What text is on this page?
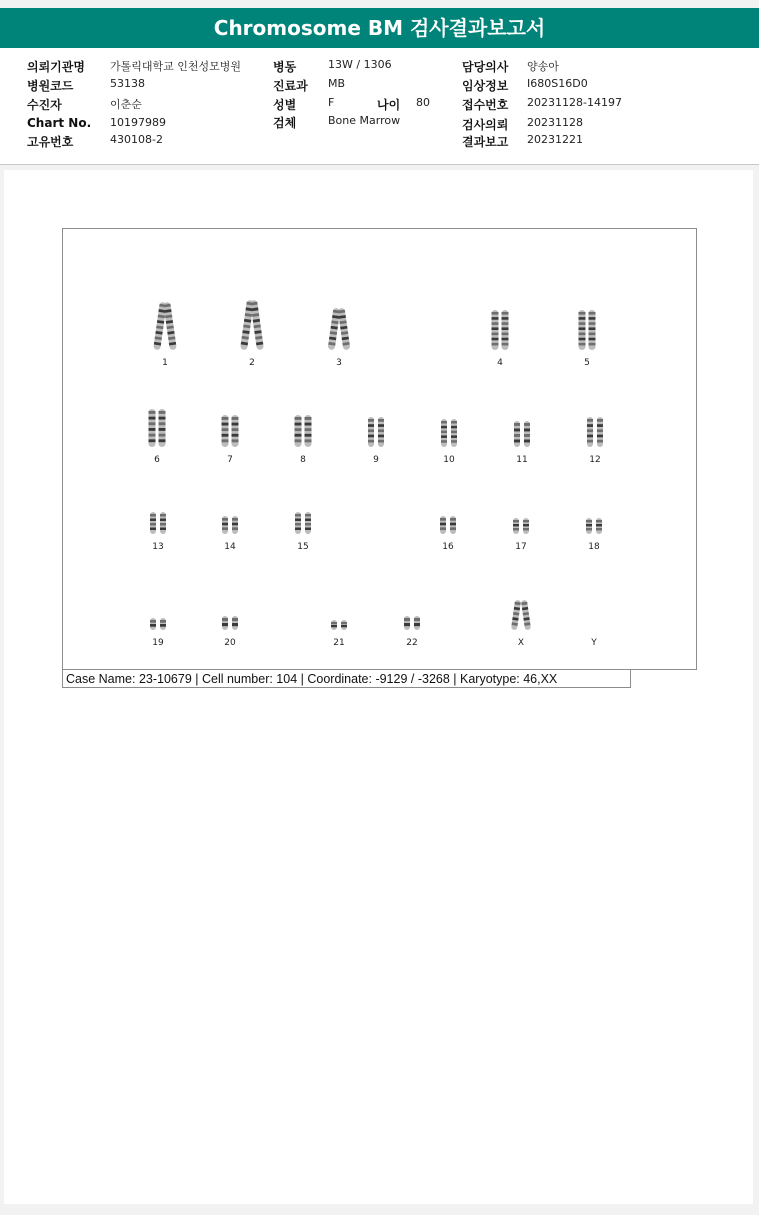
Chromosome BM 검사결과보고서
의뢰기관명 가톨릭대학교 인천성모병원
병원코드	53138
수진자	이춘순
Chart No. 10197989
고유번호	430108-2
병동	13W / 1306
진료과 MB
성별	F	나이 80
검체	Bone Marrow
담당의사 양송아
임상정보 I680S16D0
접수번호 20231128-14197
검사의뢰 20231128
결과보고 20231221
1	2	3	4	5
6	7	8	9	10	11	12
13	14	15	16	17	18
19	20	21	22	X	Y
Case Name: 23-10679 | Cell number: 104 | Coordinate: -9129 / -3268 | Karyotype: 46,XX
